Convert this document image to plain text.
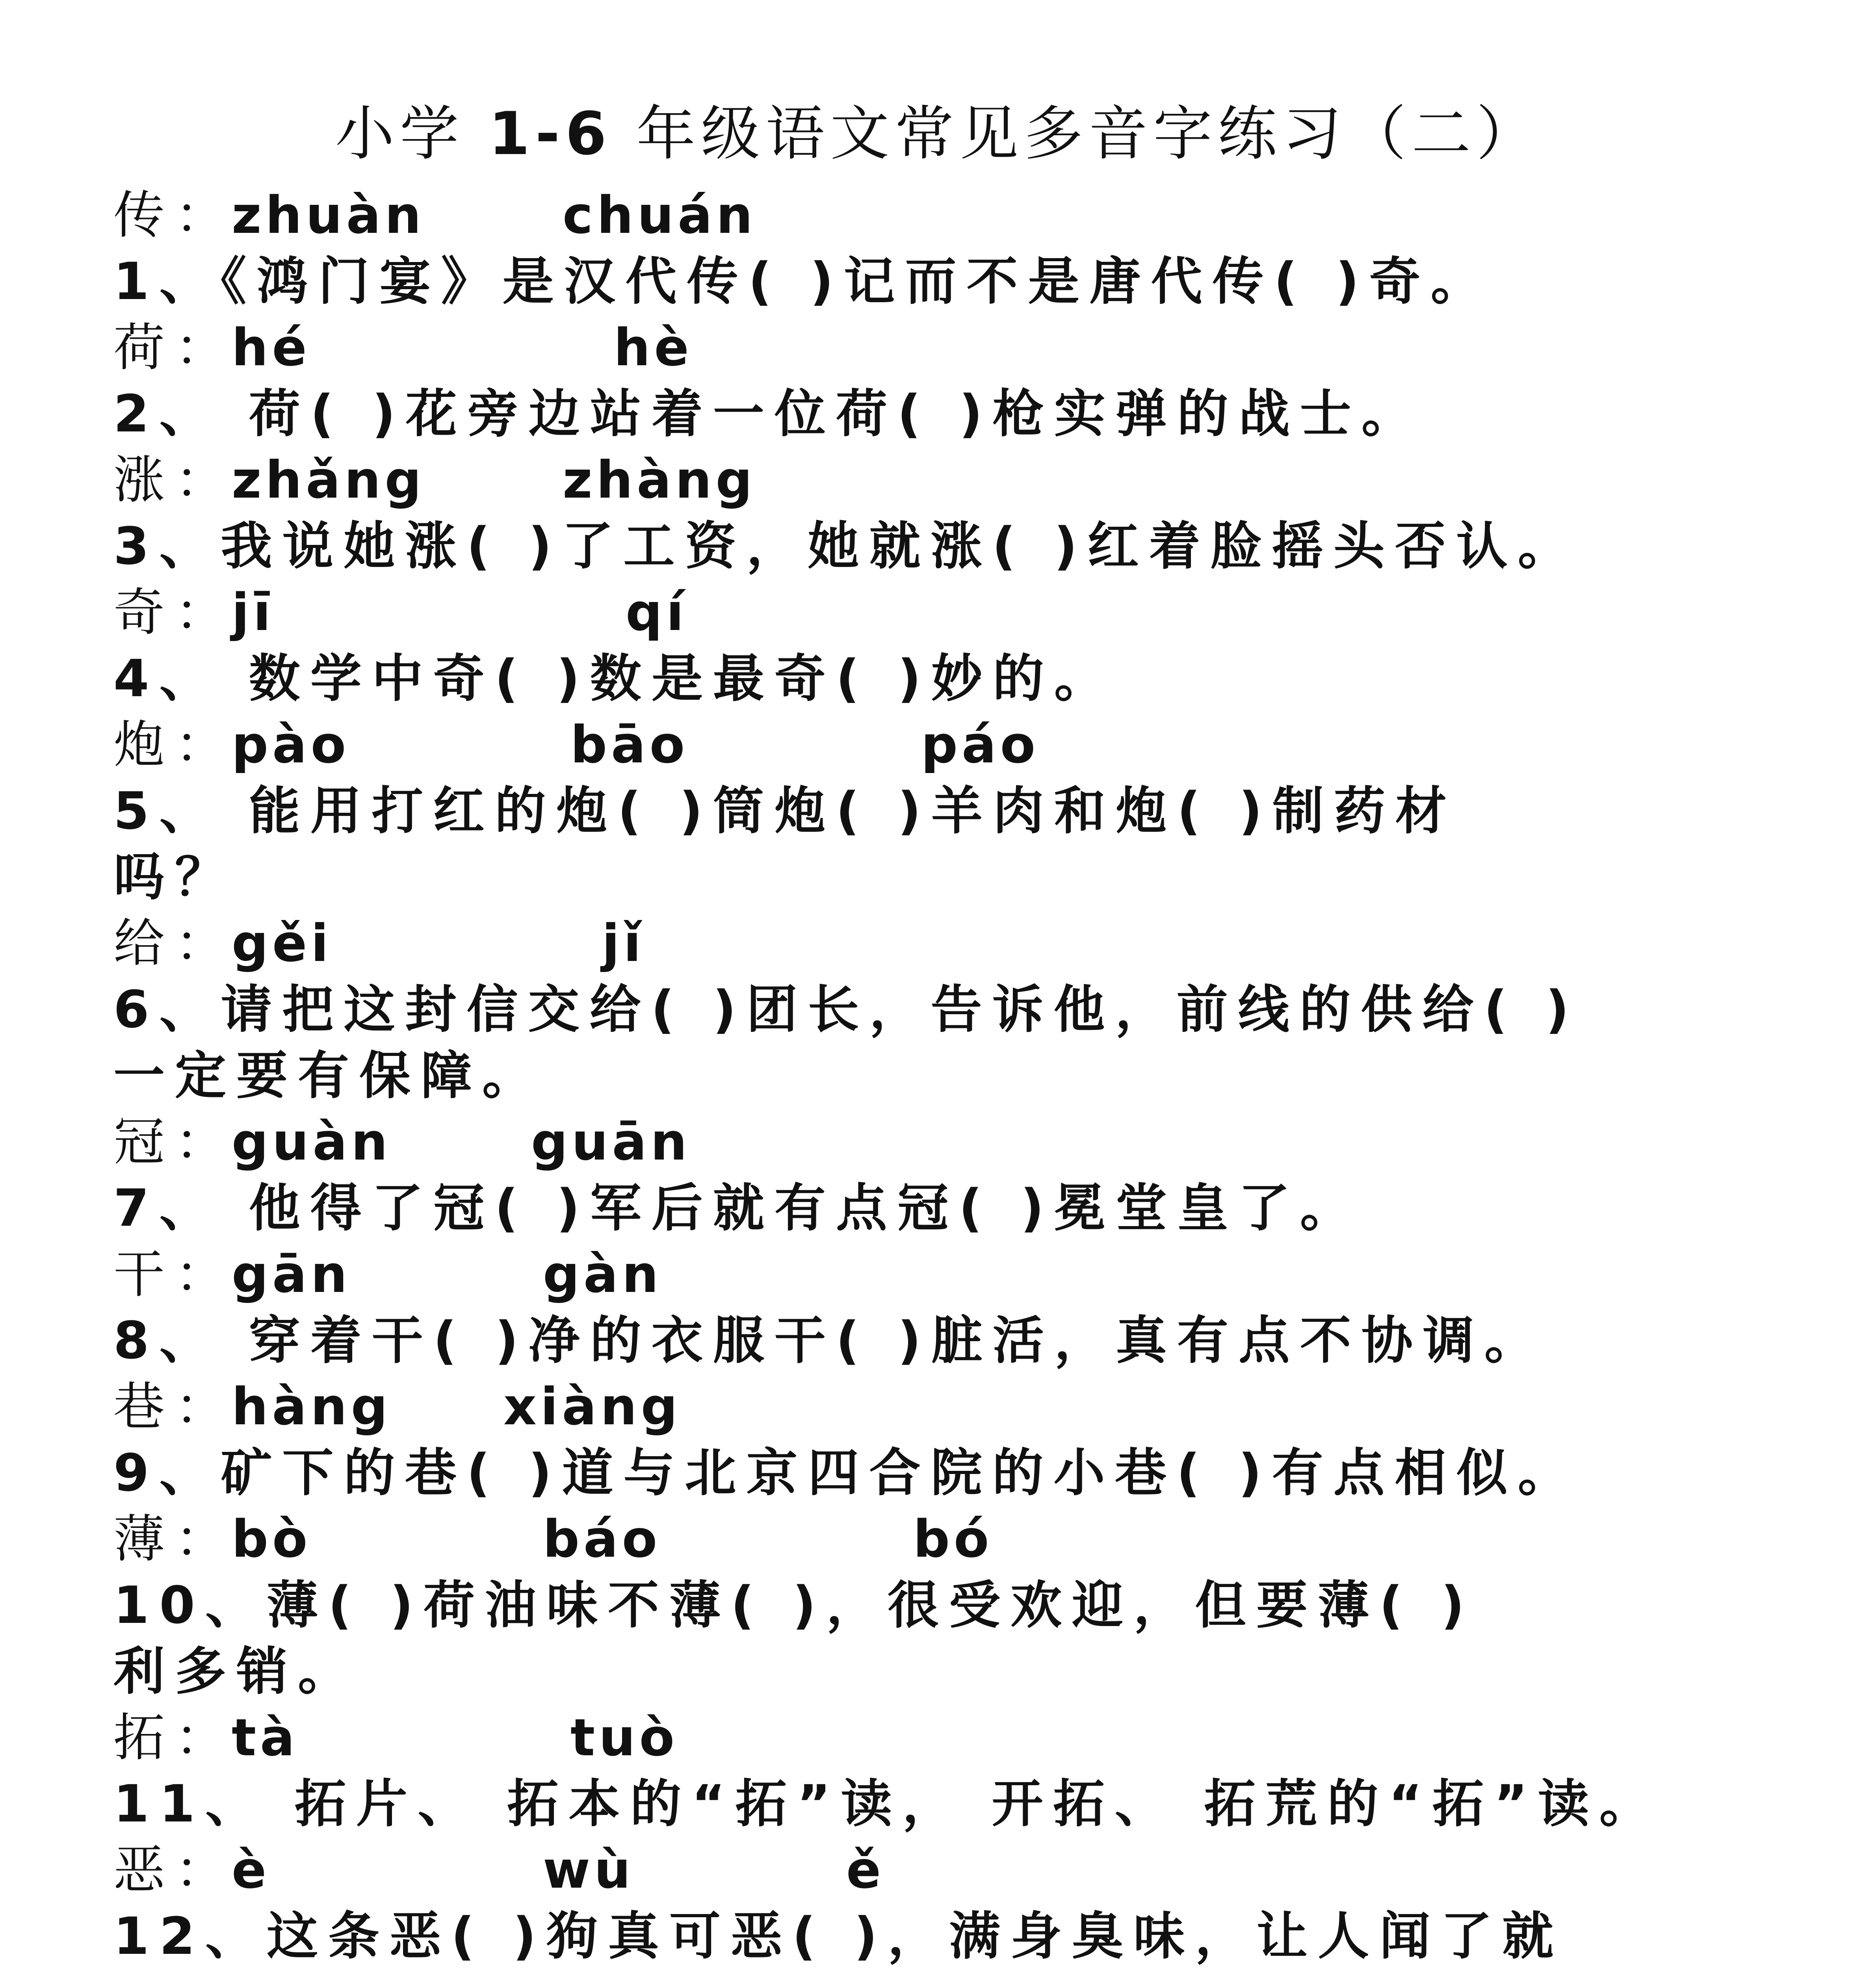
小学 1-6 年级语文常见多音字练习（二）
传：
zhuàn	chuán
1、《鸿门宴》是汉代传( )记而不是唐代传( )奇。
荷：
hé	hè
2、 荷( )花旁边站着一位荷( )枪实弹的战士。
涨：
zhǎng	zhàng
3、我说她涨( )了工资，她就涨( )红着脸摇头否认。
奇：
jī	qí
4、 数学中奇( )数是最奇( )妙的。
炮：
pào	bāo	páo
5、 能用打红的炮( )筒炮( )羊肉和炮( )制药材
吗？
给：
gěi	jǐ
6、请把这封信交给( )团长，告诉他，前线的供给( )
一定要有保障。
冠：
guàn	guān
7、 他得了冠( )军后就有点冠( )冕堂皇了。
干：
gān	gàn
8、 穿着干( )净的衣服干( )脏活，真有点不协调。
巷：
hàng xiàng
9、矿下的巷( )道与北京四合院的小巷( )有点相似。
薄：
bò	báo	bó
10、薄( )荷油味不薄( )，很受欢迎，但要薄( )
利多销。
拓：
tà	tuò
11、 拓片、 拓本的“拓”读， 开拓、 拓荒的“拓”读。
恶：
è	wù	ě
12、这条恶( )狗真可恶( )，满身臭味，让人闻了就
